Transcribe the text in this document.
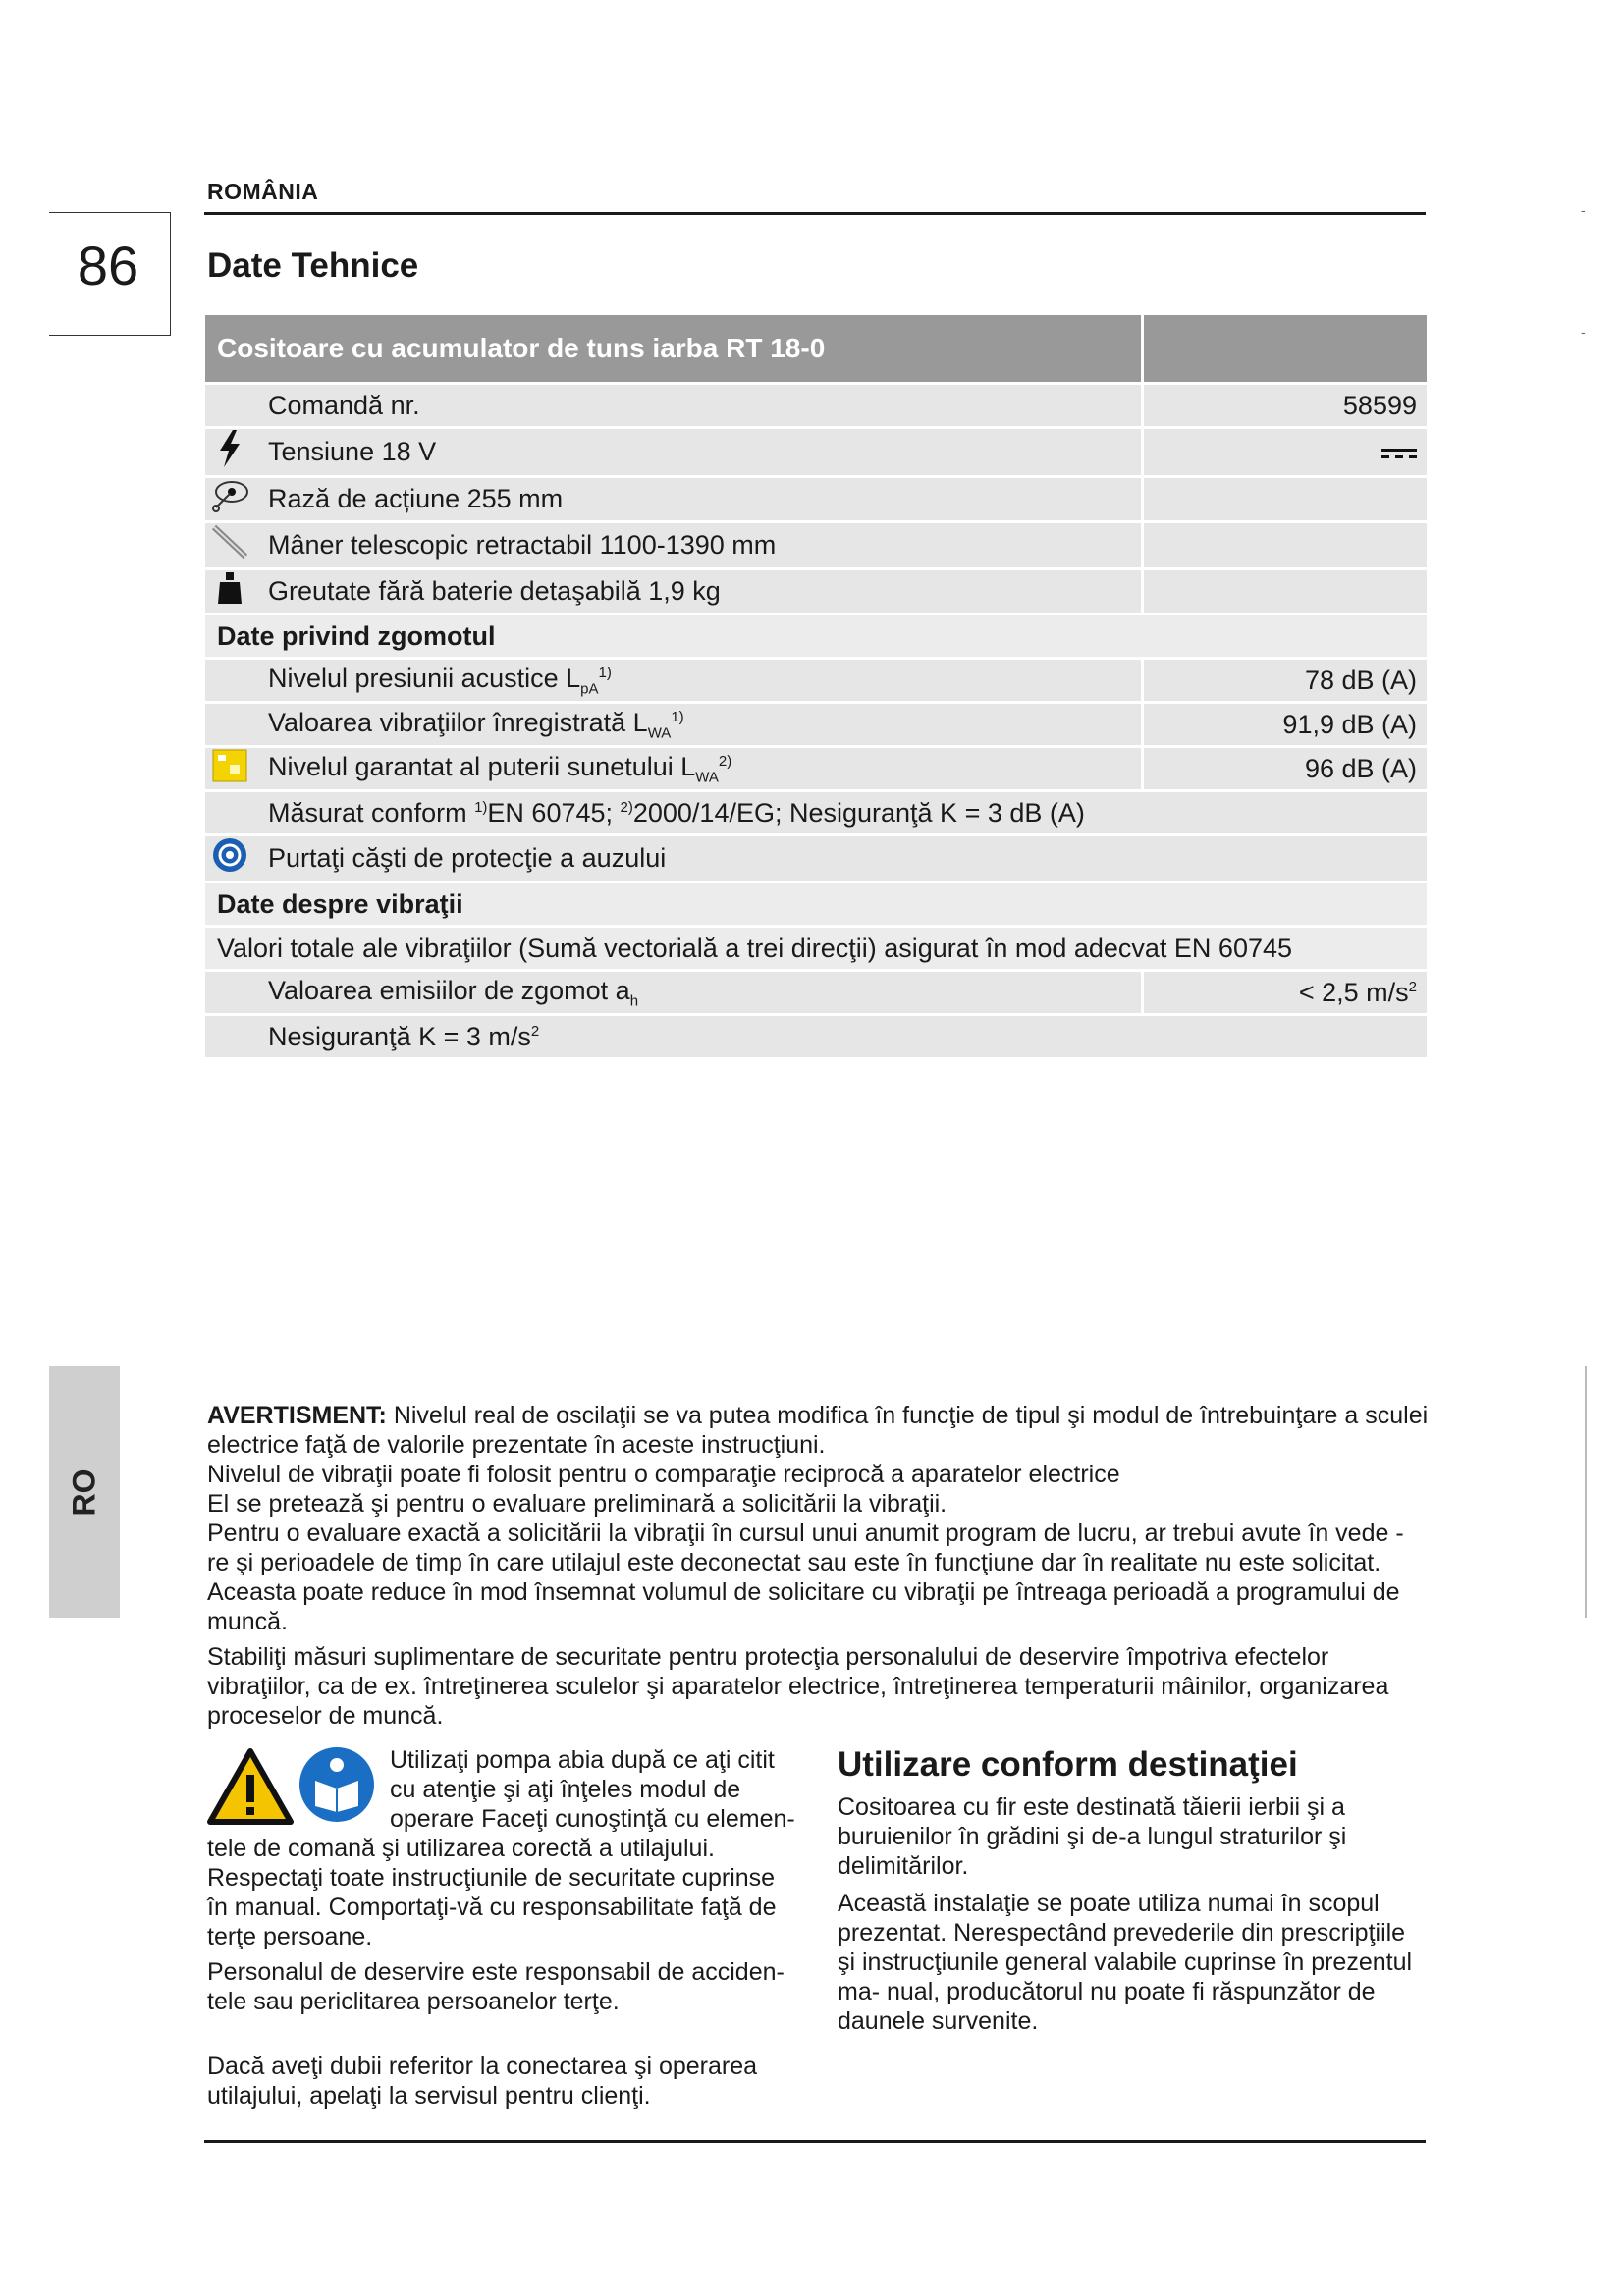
ROMÂNIA
86	Date Tehnice
-
-
Cositoare cu acumulator de tuns iarba RT 18-0		
	Comandă nr.	58599
	Tensiune 18 V	
	Rază de acțiune 255 mm	
	Mâner telescopic retractabil 1100-1390 mm	
	Greutate fără baterie detaşabilă 1,9 kg	
Date privind zgomotul		
	Nivelul presiunii acustice $L_{pA}^{1)}$	78 dB (A)
	Valoarea vibraţiilor înregistrată $L_{WA}^{1)}$	91,9 dB (A)
	Nivelul garantat al puterii sunetului $L_{WA}^{2)}$	96 dB (A)
	Măsurat conform $^{1)}$EN 60745; $^{2)}$2000/14/EG; Nesiguranţă K = 3 dB (A)	
	Purtaţi căşti de protecţie a auzului	
Date despre vibraţii		
Valori totale ale vibraţiilor (Sumă vectorială a trei direcţii) asigurat în mod adecvat EN 60745		
	Valoarea emisiilor de zgomot $a_h$	< 2,5 $m/s^2$
	Nesiguranţă K = 3 $m/s^2$
RO

AVERTISMENT: Nivelul real de oscilaţii se va putea modifica în funcţie de tipul şi modul de întrebuinţare a sculei electrice faţă de valorile prezentate în aceste instrucţiuni.

Nivelul de vibraţii poate fi folosit pentru o comparaţie reciprocă a aparatelor electrice

El se pretează şi pentru o evaluare preliminară a solicitării la vibraţii.

Pentru o evaluare exactă a solicitării la vibraţii în cursul unui anumit program de lucru, ar trebui avute în vede - re şi perioadele de timp în care utilajul este deconectat sau este în funcţiune dar în realitate nu este solicitat. Aceasta poate reduce în mod însemnat volumul de solicitare cu vibraţii pe întreaga perioadă a programului de muncă.

Stabiliţi măsuri suplimentare de securitate pentru protecţia personalului de deservire împotriva efectelor vibraţiilor, ca de ex. întreţinerea sculelor şi aparatelor electrice, întreţinerea temperaturii mâinilor, organizarea proceselor de muncă.

Utilizaţi pompa abia după ce aţi citit cu atenţie şi aţi înţeles modul de operare Faceţi cunoştinţă cu elemen- tele de comană şi utilizarea corectă a utilajului.

Respectaţi toate instrucţiunile de securitate cuprinse în manual. Comportaţi-vă cu responsabilitate faţă de terţe persoane.

Personalul de deservire este responsabil de acciden- tele sau periclitarea persoanelor terţe.

Dacă aveţi dubii referitor la conectarea şi operarea utilajului, apelaţi la servisul pentru clienţi.

Utilizare conform destinaţiei

Cositoarea cu fir este destinată tăierii ierbii şi a buruienilor în grădini şi de-a lungul straturilor şi delimitărilor.

Această instalaţie se poate utiliza numai în scopul prezentat. Nerespectând prevederile din prescripţiile şi instrucţiunile general valabile cuprinse în prezentul ma- nual, producătorul nu poate fi răspunzător de daunele survenite.
